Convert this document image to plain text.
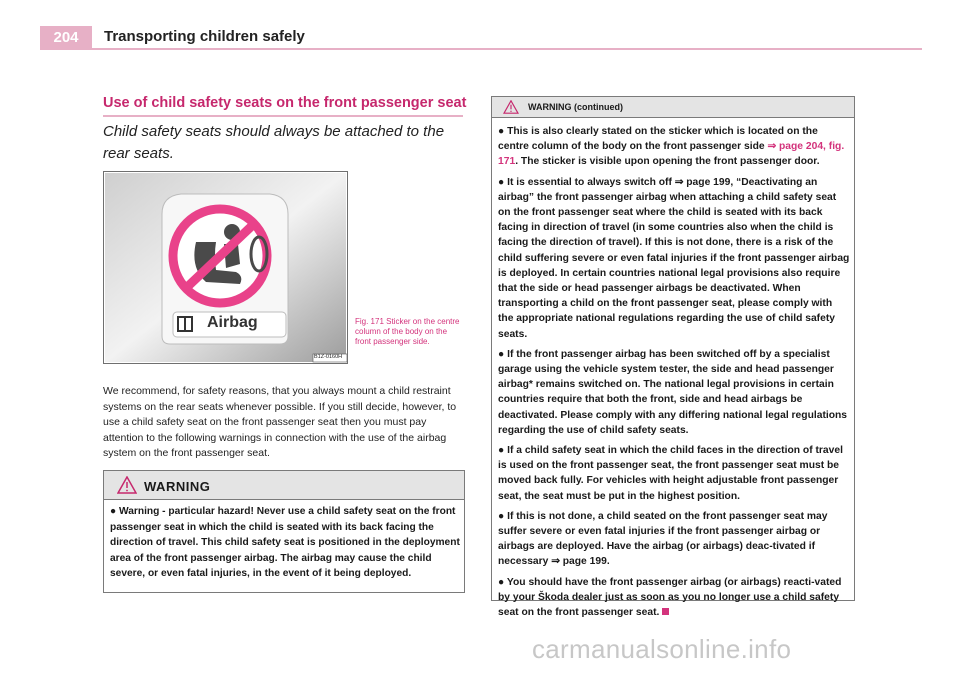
204	Transporting children safely
Use of child safety seats on the front passenger seat
Child safety seats should always be attached to the rear seats.
Airbag
B1Z-0160H
Fig. 171 Sticker on the centre column of the body on the front passenger side.
We recommend, for safety reasons, that you always mount a child restraint systems on the rear seats whenever possible. If you still decide, however, to use a child safety seat on the front passenger seat then you must pay attention to the following warnings in connection with the use of the airbag system on the front passenger seat.
WARNING
● Warning - particular hazard! Never use a child safety seat on the front passenger seat in which the child is seated with its back facing the direction of travel. This child safety seat is positioned in the deployment area of the front passenger airbag. The airbag may cause the child severe, or even fatal injuries, in the event of it being deployed.
WARNING (continued)
● This is also clearly stated on the sticker which is located on the centre column of the body on the front passenger side ⇒ page 204, fig. 171. The sticker is visible upon opening the front passenger door.
● It is essential to always switch off ⇒ page 199, “Deactivating an airbag” the front passenger airbag when attaching a child safety seat on the front passenger seat where the child is seated with its back facing in direction of travel (in some countries also when the child is facing the direction of travel). If this is not done, there is a risk of the child suffering severe or even fatal injuries if the front passenger airbag is deployed. In certain countries national legal provisions also require that the side or head passenger airbags be deactivated. When transporting a child on the front passenger seat, please comply with the appropriate national regulations regarding the use of child safety seats.
● If the front passenger airbag has been switched off by a specialist garage using the vehicle system tester, the side and head passenger airbag* remains switched on. The national legal provisions in certain countries require that both the front, side and head airbags be deactivated. Please comply with any differing national legal regulations regarding the use of child safety seats.
● If a child safety seat in which the child faces in the direction of travel is used on the front passenger seat, the front passenger seat must be moved back fully. For vehicles with height adjustable front passenger seat, the seat must be put in the highest position.
● If this is not done, a child seated on the front passenger seat may suffer severe or even fatal injuries if the front passenger airbag or airbags are deployed. Have the airbag (or airbags) deac-tivated if necessary ⇒ page 199.
● You should have the front passenger airbag (or airbags) reacti-vated by your Škoda dealer just as soon as you no longer use a child safety seat on the front passenger seat.
carmanualsonline.info
